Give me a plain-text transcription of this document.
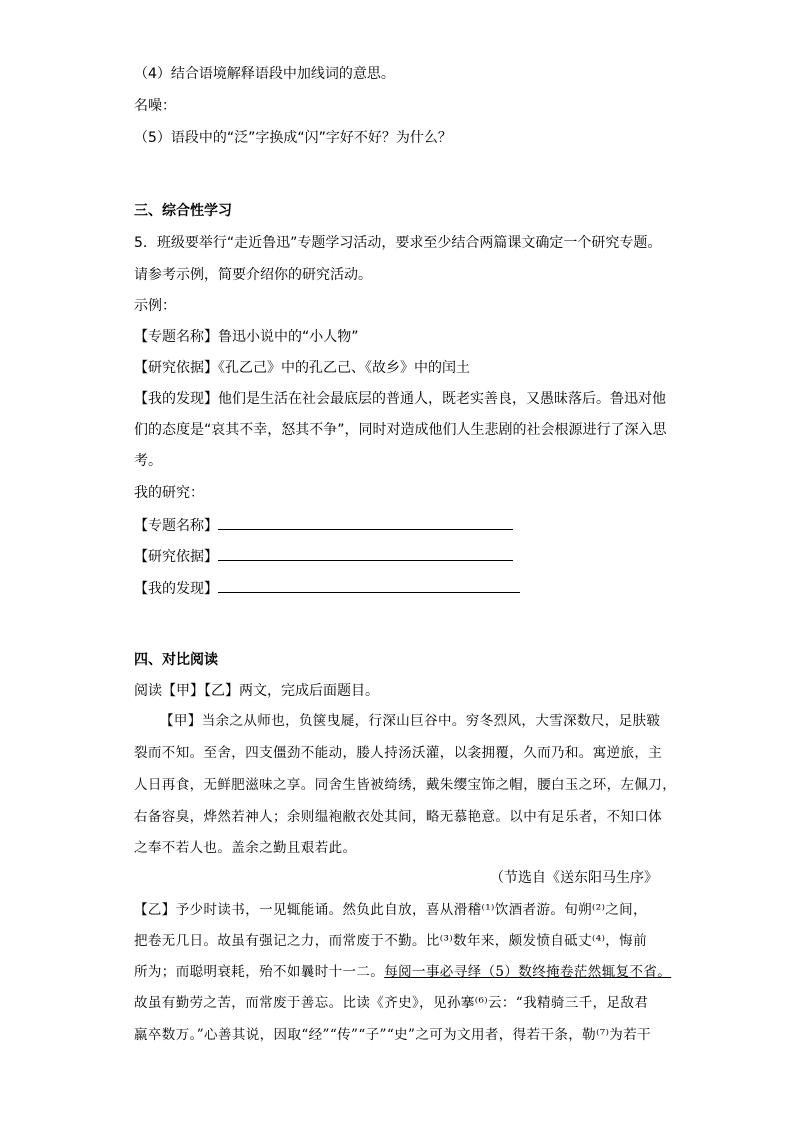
（4）结合语境解释语段中加线词的意思。
名噪：
（5）语段中的“泛”字换成“闪”字好不好？为什么？
三、综合性学习
5．班级要举行“走近鲁迅”专题学习活动，要求至少结合两篇课文确定一个研究专题。
请参考示例，简要介绍你的研究活动。
示例：
【专题名称】鲁迅小说中的“小人物”
【研究依据】《孔乙己》中的孔乙己、《故乡》中的闰土
【我的发现】他们是生活在社会最底层的普通人，既老实善良，又愚昧落后。鲁迅对他
们的态度是“哀其不幸，怒其不争”，同时对造成他们人生悲剧的社会根源进行了深入思
考。
我的研究：
【专题名称】
【研究依据】
【我的发现】
四、对比阅读
阅读【甲】【乙】两文，完成后面题目。
【甲】当余之从师也，负箧曳屣，行深山巨谷中。穷冬烈风，大雪深数尺，足肤皲
裂而不知。至舍，四支僵劲不能动，媵人持汤沃灌，以衾拥覆，久而乃和。寓逆旅，主
人日再食，无鲜肥滋味之享。同舍生皆被绮绣，戴朱缨宝饰之帽，腰白玉之环，左佩刀，
右备容臭，烨然若神人；余则缊袍敝衣处其间，略无慕艳意。以中有足乐者，不知口体
之奉不若人也。盖余之勤且艰若此。
（节选自《送东阳马生序》
【乙】予少时读书，一见辄能诵。然负此自放，喜从滑稽⁽¹⁾饮酒者游。旬朔⁽²⁾之间，
把卷无几日。故虽有强记之力，而常废于不勤。比⁽³⁾数年来，颇发愤自砥丈⁽⁴⁾，悔前
所为；而聪明衰耗，殆不如曩时十一二。每阅一事必寻绎（5）数终掩卷茫然辄复不省。
故虽有勤劳之苦，而常废于善忘。比读《齐史》，见孙搴⁽⁶⁾云：“我精骑三千，足敌君
羸卒数万。”心善其说，因取“经”“传”“子”“史”之可为文用者，得若干条，勒⁽⁷⁾为若干
